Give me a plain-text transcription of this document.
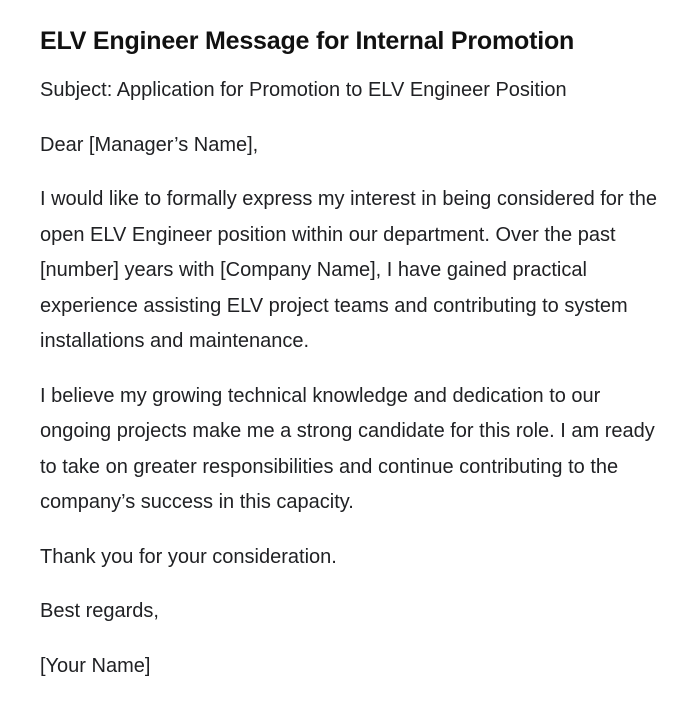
ELV Engineer Message for Internal Promotion

Subject: Application for Promotion to ELV Engineer Position

Dear [Manager’s Name],

I would like to formally express my interest in being considered for the open ELV Engineer position within our department. Over the past [number] years with [Company Name], I have gained practical experience assisting ELV project teams and contributing to system installations and maintenance.

I believe my growing technical knowledge and dedication to our ongoing projects make me a strong candidate for this role. I am ready to take on greater responsibilities and continue contributing to the company’s success in this capacity.

Thank you for your consideration.

Best regards,

[Your Name]
